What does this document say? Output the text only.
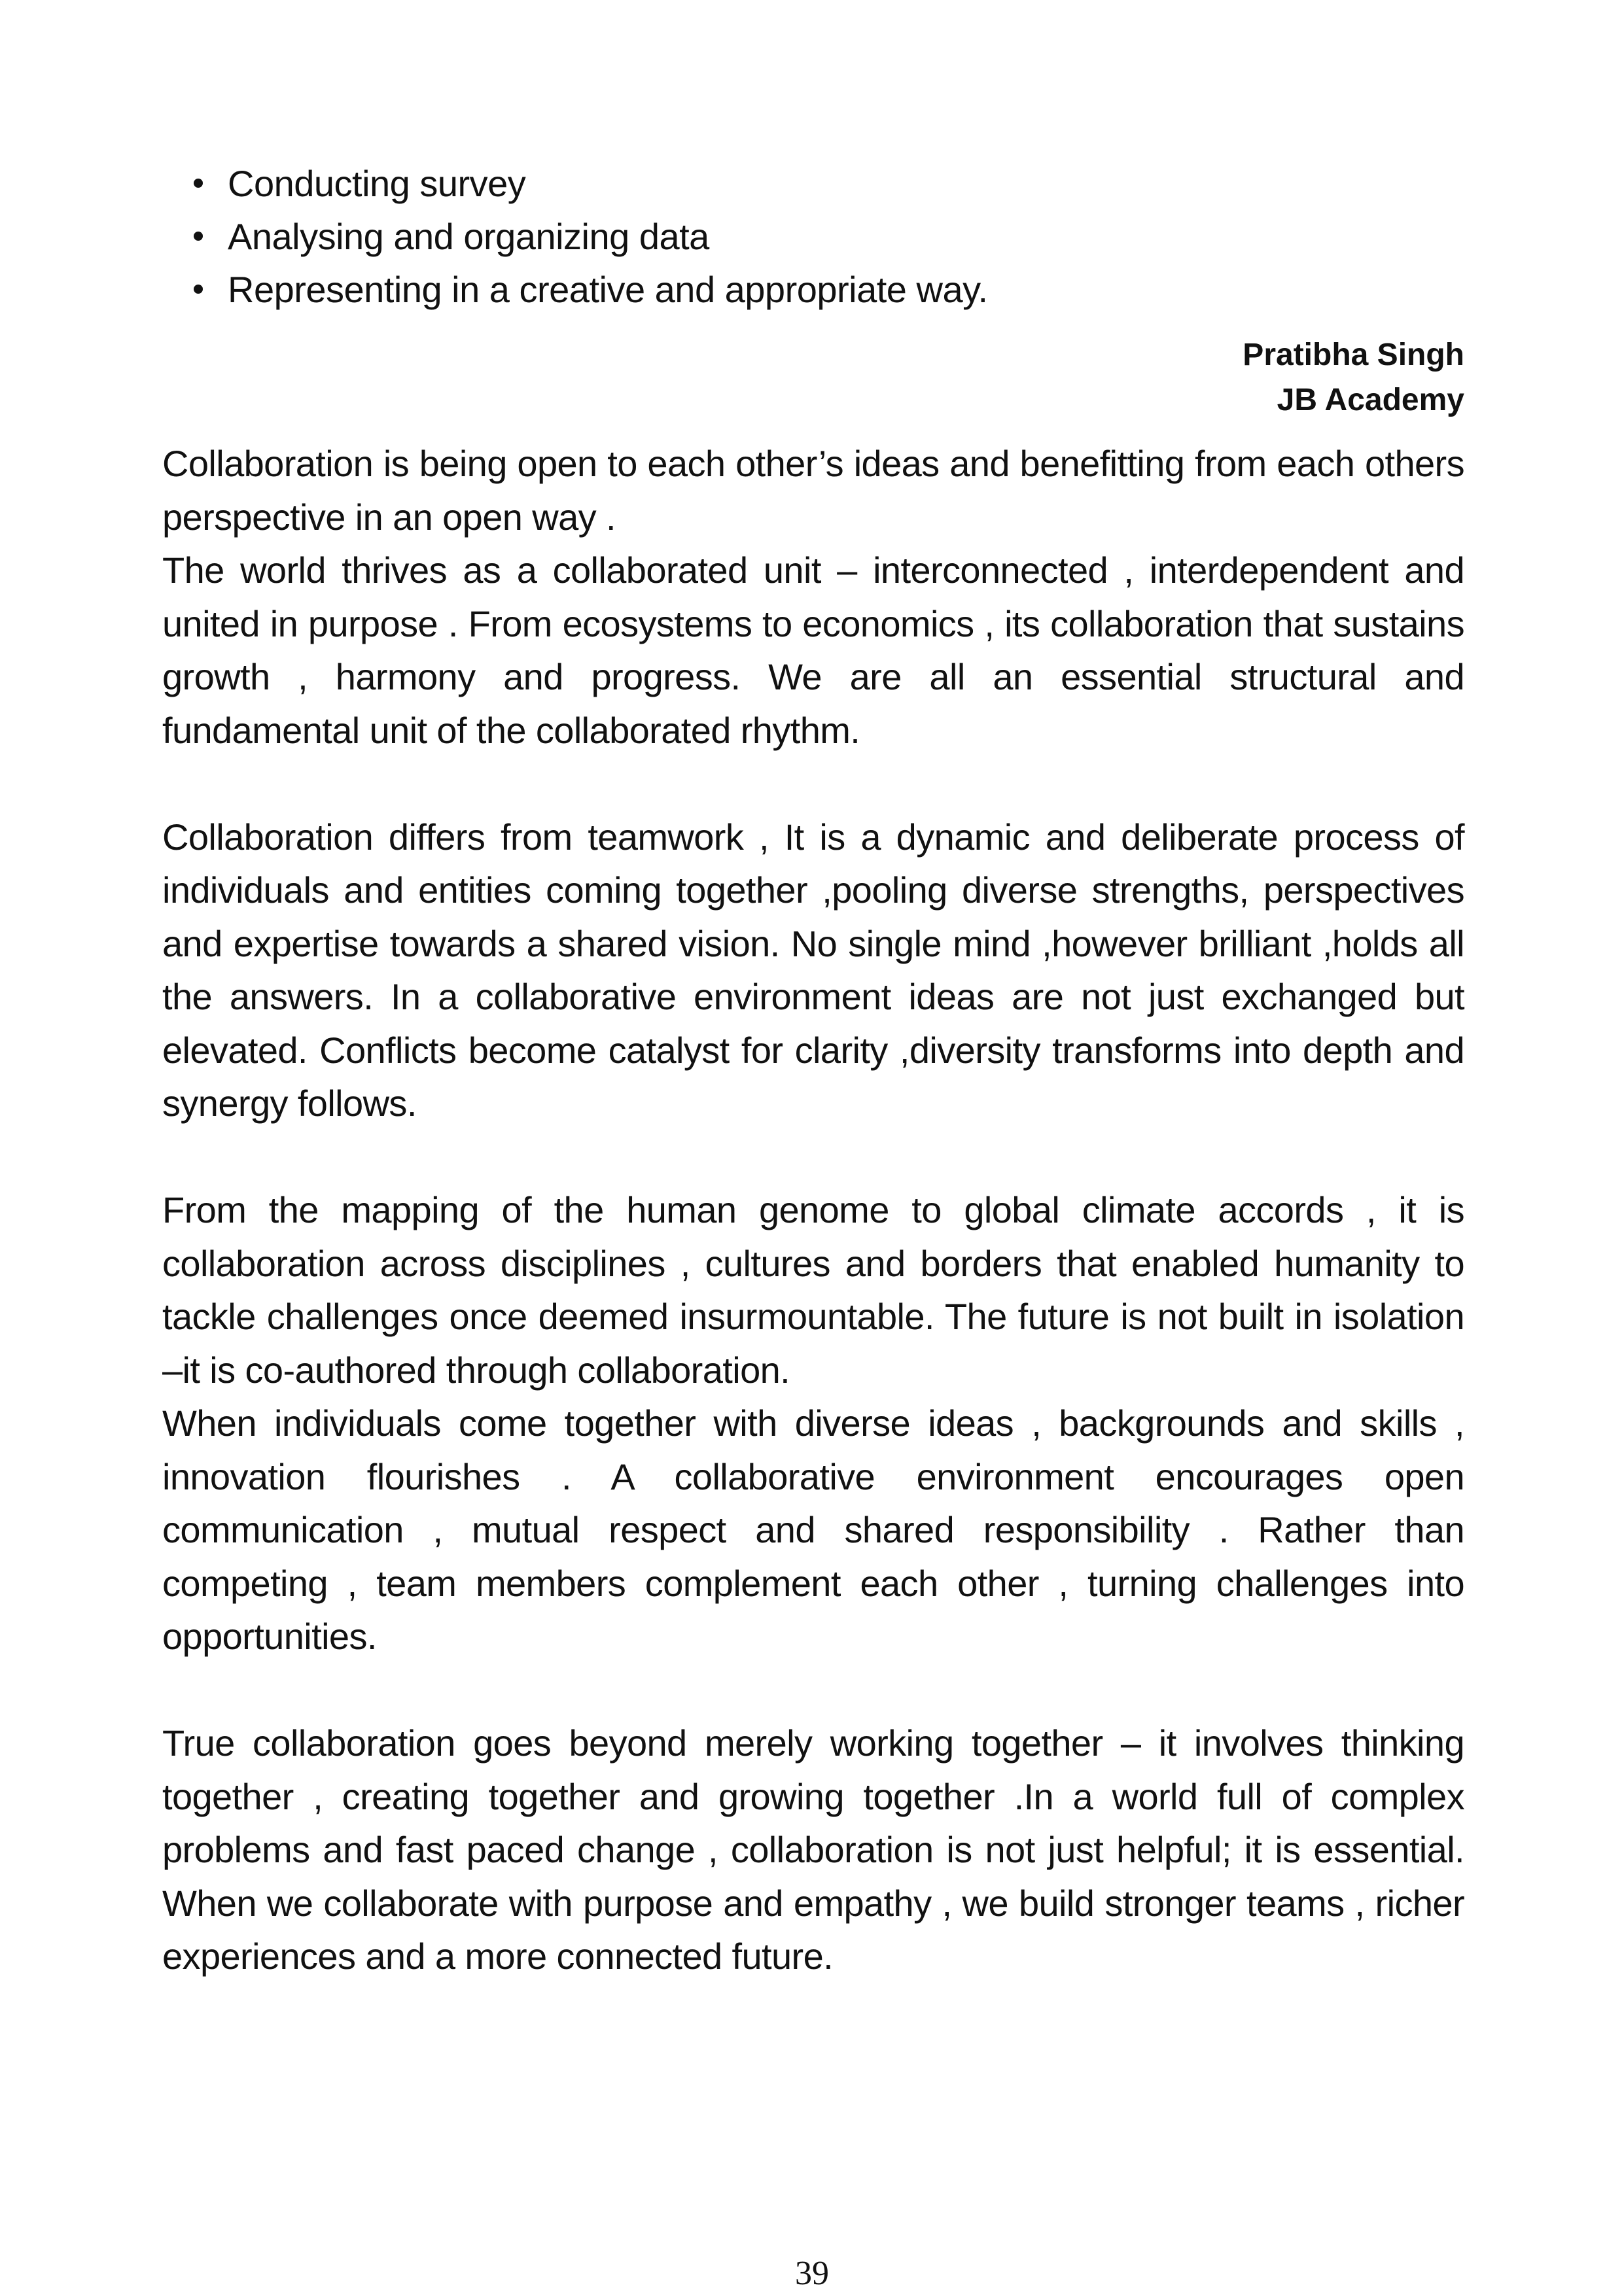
Conducting survey
Analysing and organizing data
Representing in a creative and appropriate way.
Pratibha Singh
JB Academy

Collaboration is being open to each other’s ideas and benefitting from each others perspective in an open way .

The world thrives as a collaborated unit – interconnected , interdependent and united in purpose . From ecosystems to economics , its collaboration that sustains growth , harmony and progress. We are all an essential structural and fundamental unit of the collaborated rhythm.

Collaboration differs from teamwork , It is a dynamic and deliberate process of individuals and entities coming together ,pooling diverse strengths, perspectives and expertise towards a shared vision. No single mind ,however brilliant ,holds all the answers. In a collaborative environment ideas are not just exchanged but elevated. Conflicts become catalyst for clarity ,diversity transforms into depth and synergy follows.

From the mapping of the human genome to global climate accords , it is collaboration across disciplines , cultures and borders that enabled humanity to tackle challenges once deemed insurmountable. The future is not built in isolation –it is co-authored through collaboration.

When individuals come together with diverse ideas , backgrounds and skills , innovation flourishes . A collaborative environment encourages open communication , mutual respect and shared responsibility . Rather than competing , team members complement each other , turning challenges into opportunities.

True collaboration goes beyond merely working together – it involves thinking together , creating together and growing together .In a world full of complex problems and fast paced change , collaboration is not just helpful; it is essential. When we collaborate with purpose and empathy , we build stronger teams , richer experiences and a more connected future.

39
